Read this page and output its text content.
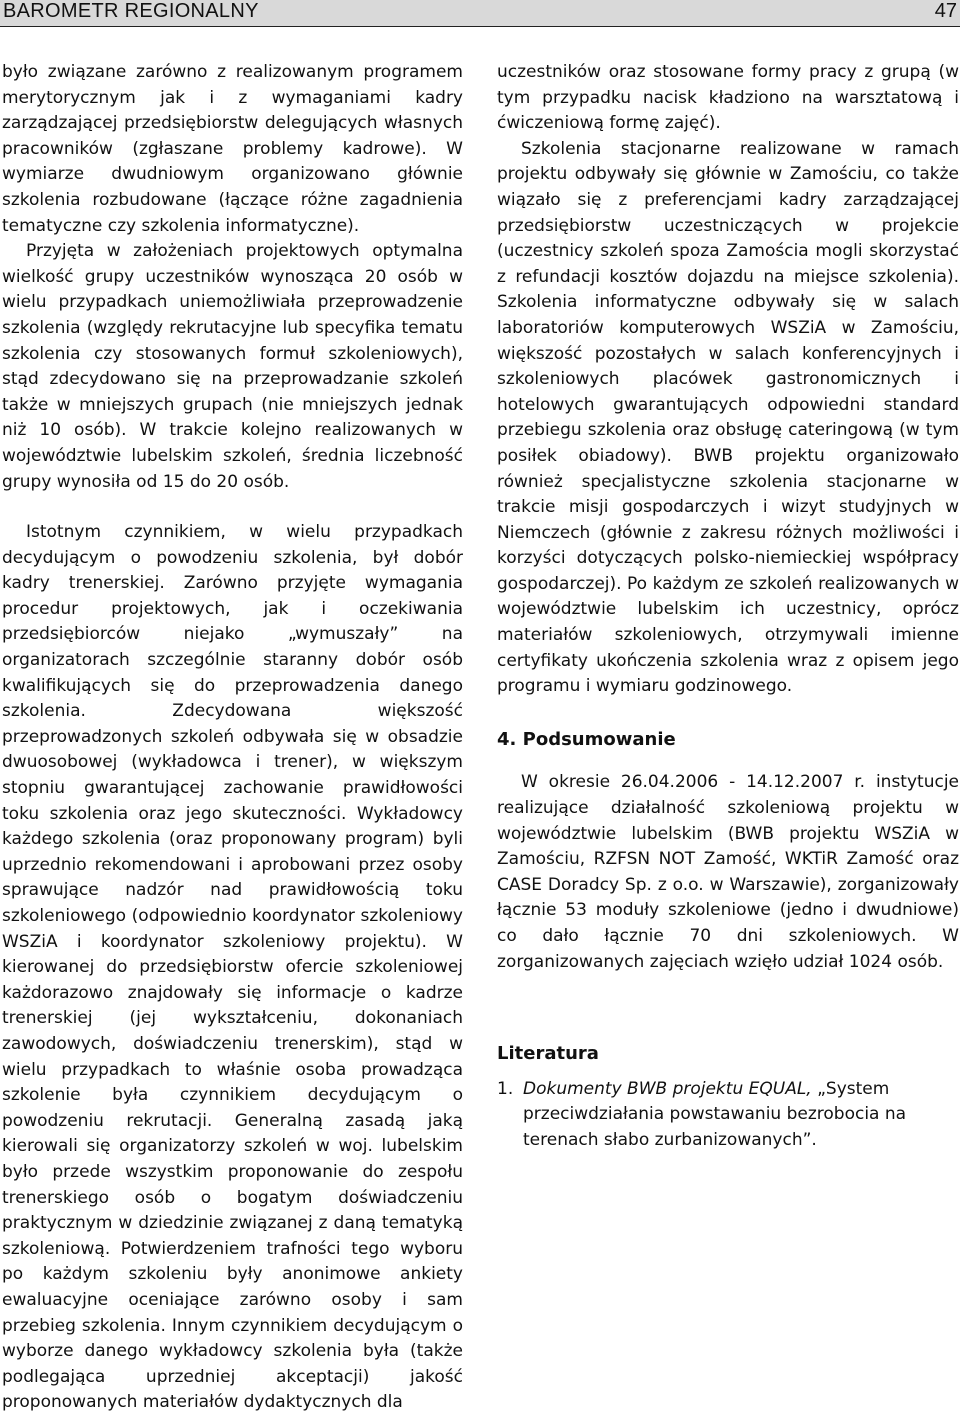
BAROMETR REGIONALNY	47

było związane zarówno z realizowanym programem merytorycznym jak i z wymaganiami kadry zarządzającej przedsiębiorstw delegujących własnych pracowników (zgłaszane problemy kadrowe). W wymiarze dwudniowym organizowano głównie szkolenia rozbudowane (łączące różne zagadnienia tematyczne czy szkolenia informatyczne).

Przyjęta w założeniach projektowych optymalna wielkość grupy uczestników wynosząca 20 osób w wielu przypadkach uniemożliwiała przeprowadzenie szkolenia (względy rekrutacyjne lub specyfika tematu szkolenia czy stosowanych formuł szkoleniowych), stąd zdecydowano się na przeprowadzanie szkoleń także w mniejszych grupach (nie mniejszych jednak niż 10 osób). W trakcie kolejno realizowanych w województwie lubelskim szkoleń, średnia liczebność grupy wynosiła od 15 do 20 osób.

Istotnym czynnikiem, w wielu przypadkach decydującym o powodzeniu szkolenia, był dobór kadry trenerskiej. Zarówno przyjęte wymagania procedur projektowych, jak i oczekiwania przedsiębiorców niejako „wymuszały” na organizatorach szczególnie staranny dobór osób kwalifikujących się do przeprowadzenia danego szkolenia. Zdecydowana większość przeprowadzonych szkoleń odbywała się w obsadzie dwuosobowej (wykładowca i trener), w większym stopniu gwarantującej zachowanie prawidłowości toku szkolenia oraz jego skuteczności. Wykładowcy każdego szkolenia (oraz proponowany program) byli uprzednio rekomendowani i aprobowani przez osoby sprawujące nadzór nad prawidłowością toku szkoleniowego (odpowiednio koordynator szkoleniowy WSZiA i koordynator szkoleniowy projektu). W kierowanej do przedsiębiorstw ofercie szkoleniowej każdorazowo znajdowały się informacje o kadrze trenerskiej (jej wykształceniu, dokonaniach zawodowych, doświadczeniu trenerskim), stąd w wielu przypadkach to właśnie osoba prowadząca szkolenie była czynnikiem decydującym o powodzeniu rekrutacji. Generalną zasadą jaką kierowali się organizatorzy szkoleń w woj. lubelskim było przede wszystkim proponowanie do zespołu trenerskiego osób o bogatym doświadczeniu praktycznym w dziedzinie związanej z daną tematyką szkoleniową. Potwierdzeniem trafności tego wyboru po każdym szkoleniu były anonimowe ankiety ewaluacyjne oceniające zarówno osoby i sam przebieg szkolenia. Innym czynnikiem decydującym o wyborze danego wykładowcy szkolenia była (także podlegająca uprzedniej akceptacji) jakość proponowanych materiałów dydaktycznych dla

uczestników oraz stosowane formy pracy z grupą (w tym przypadku nacisk kładziono na warsztatową i ćwiczeniową formę zajęć).

Szkolenia stacjonarne realizowane w ramach projektu odbywały się głównie w Zamościu, co także wiązało się z preferencjami kadry zarządzającej przedsiębiorstw uczestniczących w projekcie (uczestnicy szkoleń spoza Zamościa mogli skorzystać z refundacji kosztów dojazdu na miejsce szkolenia). Szkolenia informatyczne odbywały się w salach laboratoriów komputerowych WSZiA w Zamościu, większość pozostałych w salach konferencyjnych i szkoleniowych placówek gastronomicznych i hotelowych gwarantujących odpowiedni standard przebiegu szkolenia oraz obsługę cateringową (w tym posiłek obiadowy). BWB projektu organizowało również specjalistyczne szkolenia stacjonarne w trakcie misji gospodarczych i wizyt studyjnych w Niemczech (głównie z zakresu różnych możliwości i korzyści dotyczących polsko-niemieckiej współpracy gospodarczej). Po każdym ze szkoleń realizowanych w województwie lubelskim ich uczestnicy, oprócz materiałów szkoleniowych, otrzymywali imienne certyfikaty ukończenia szkolenia wraz z opisem jego programu i wymiaru godzinowego.

4. Podsumowanie

W okresie 26.04.2006 - 14.12.2007 r. instytucje realizujące działalność szkoleniową projektu w województwie lubelskim (BWB projektu WSZiA w Zamościu, RZFSN NOT Zamość, WKTiR Zamość oraz CASE Doradcy Sp. z o.o. w Warszawie), zorganizowały łącznie 53 moduły szkoleniowe (jedno i dwudniowe) co dało łącznie 70 dni szkoleniowych. W zorganizowanych zajęciach wzięło udział 1024 osób.

Literatura

1. Dokumenty BWB projektu EQUAL, „System przeciwdziałania powstawaniu bezrobocia na terenach słabo zurbanizowanych”.
